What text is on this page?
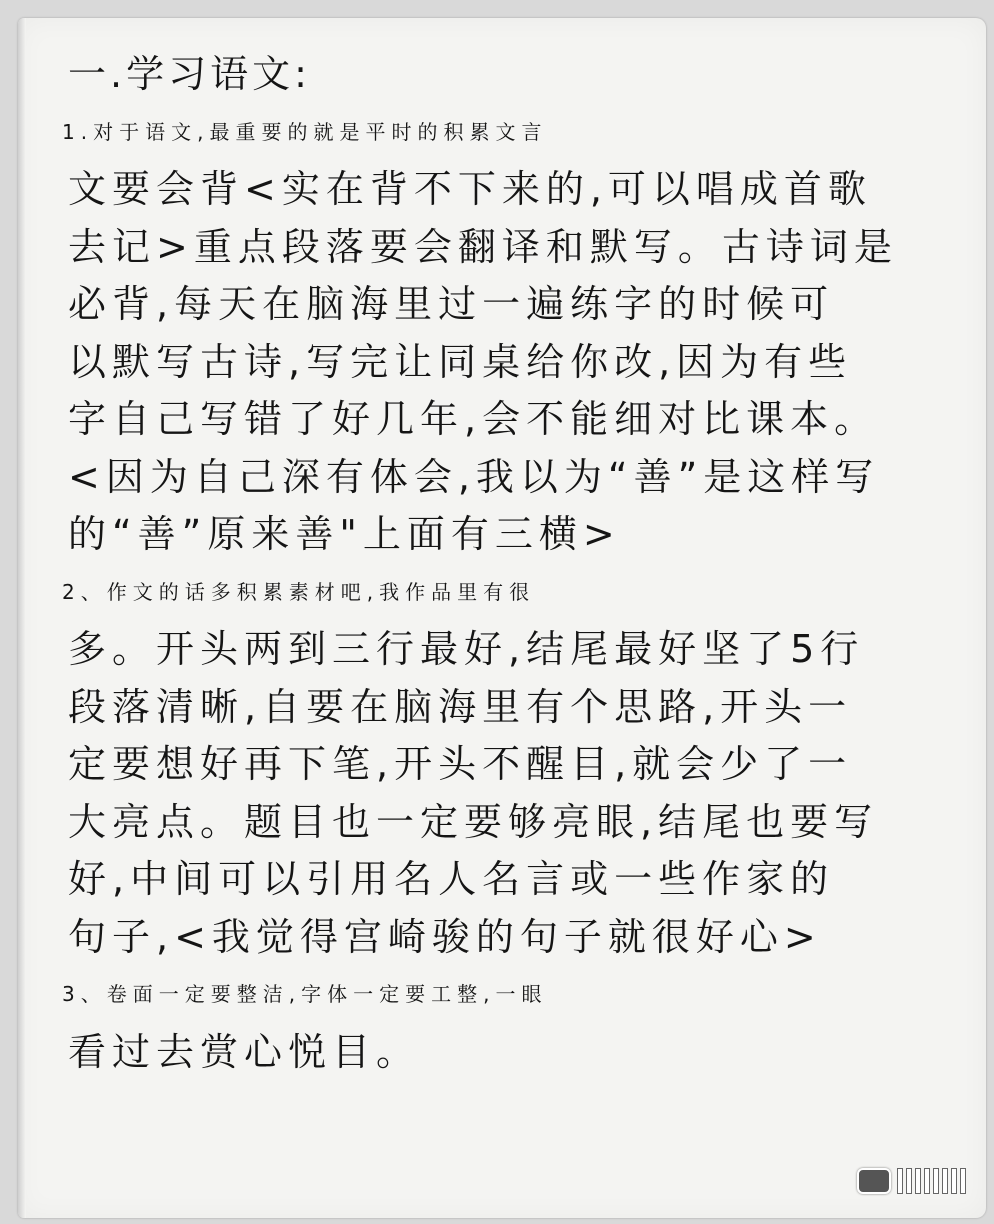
一.学习语文:
1.对于语文,最重要的就是平时的积累文言
文要会背<实在背不下来的,可以唱成首歌
去记>重点段落要会翻译和默写。古诗词是
必背,每天在脑海里过一遍练字的时候可
以默写古诗,写完让同桌给你改,因为有些
字自己写错了好几年,会不能细对比课本。
<因为自己深有体会,我以为“善”是这样写
的“善”原来善"上面有三横>
2、作文的话多积累素材吧,我作品里有很
多。开头两到三行最好,结尾最好坚了5行
段落清晰,自要在脑海里有个思路,开头一
定要想好再下笔,开头不醒目,就会少了一
大亮点。题目也一定要够亮眼,结尾也要写
好,中间可以引用名人名言或一些作家的
句子,<我觉得宫崎骏的句子就很好心>
3、卷面一定要整洁,字体一定要工整,一眼
看过去赏心悦目。
